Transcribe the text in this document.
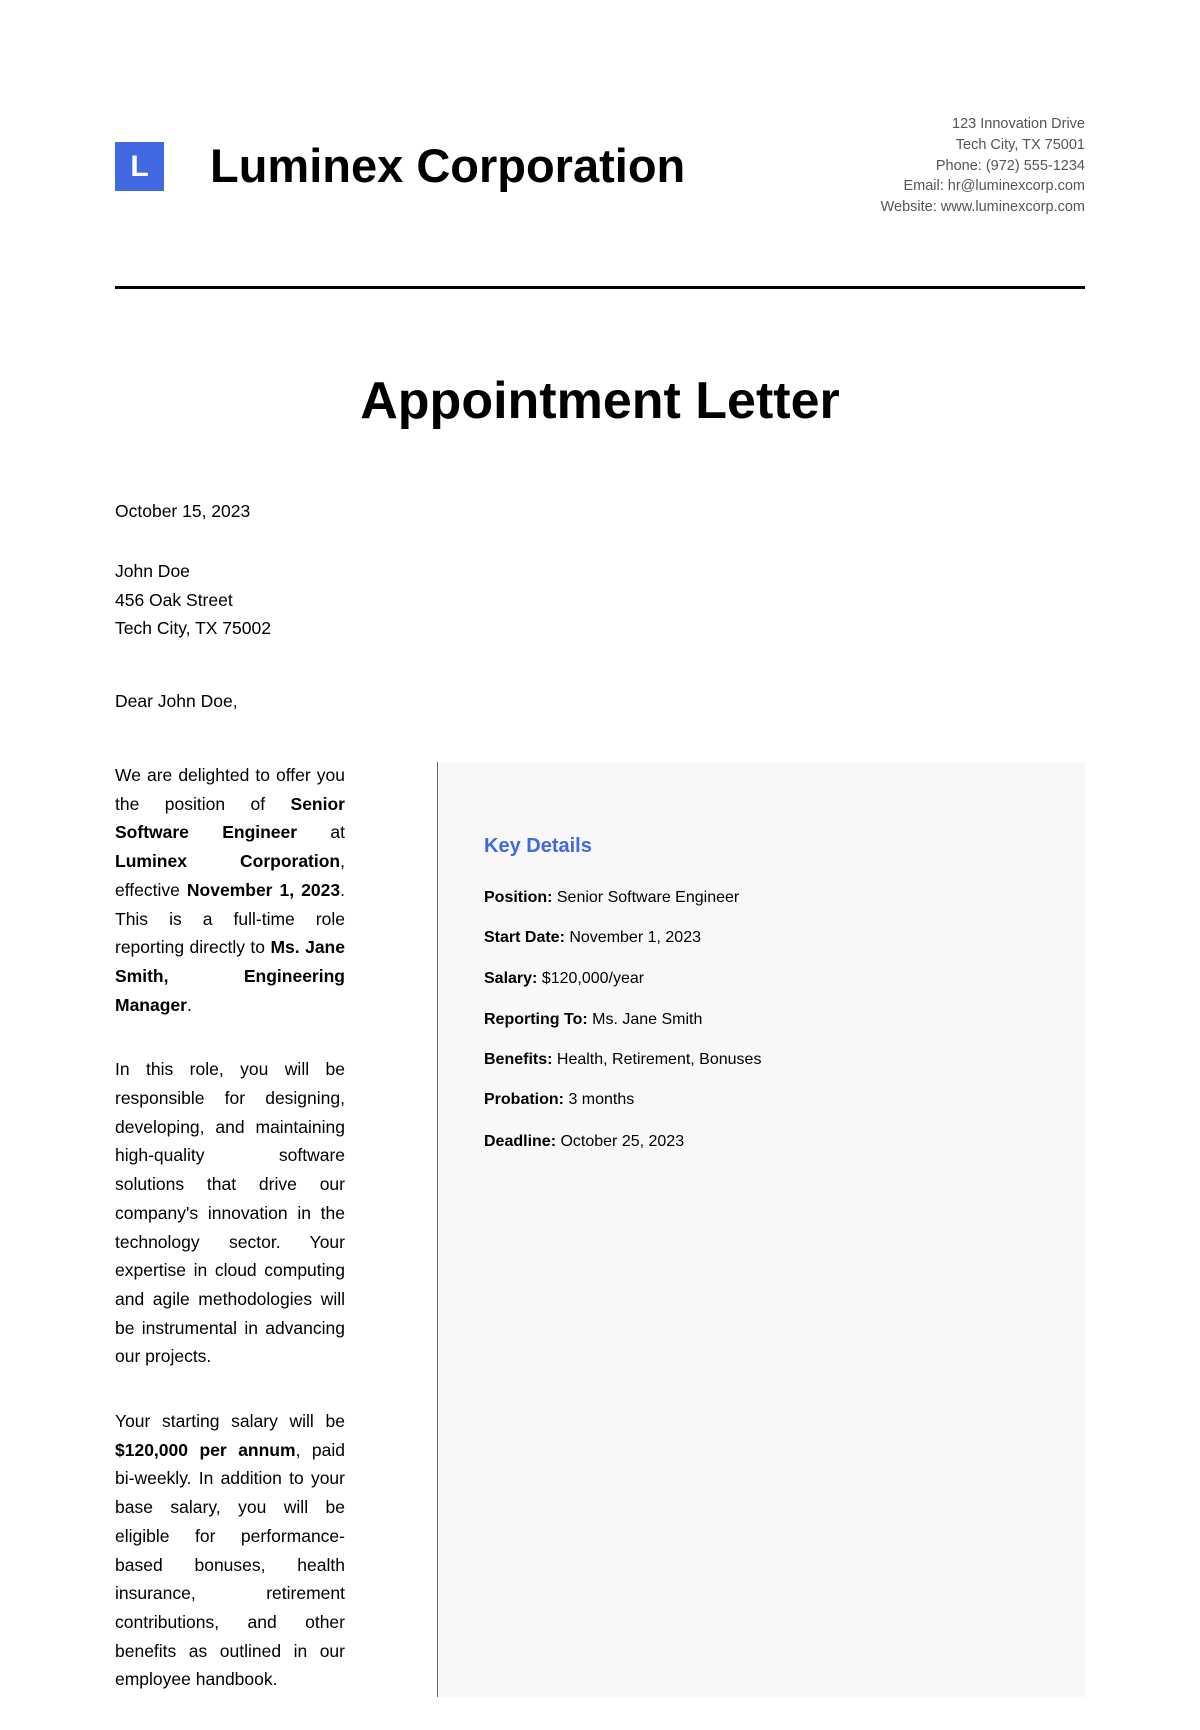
L	Luminex Corporation
123 Innovation Drive
Tech City, TX 75001
Phone: (972) 555-1234
Email: hr@luminexcorp.com
Website: www.luminexcorp.com
Appointment Letter
October 15, 2023
John Doe
456 Oak Street
Tech City, TX 75002
Dear John Doe,

We are delighted to offer you the position of Senior Software Engineer at Luminex Corporation, effective November 1, 2023. This is a full-time role reporting directly to Ms. Jane Smith, Engineering Manager.

In this role, you will be responsible for designing, developing, and maintaining high-quality software solutions that drive our company's innovation in the technology sector. Your expertise in cloud computing and agile methodologies will be instrumental in advancing our projects.

Your starting salary will be $120,000 per annum, paid bi-weekly. In addition to your base salary, you will be eligible for performance-based bonuses, health insurance, retirement contributions, and other benefits as outlined in our employee handbook.

Key Details
Position: Senior Software Engineer
Start Date: November 1, 2023
Salary: $120,000/year
Reporting To: Ms. Jane Smith
Benefits: Health, Retirement, Bonuses
Probation: 3 months
Deadline: October 25, 2023
